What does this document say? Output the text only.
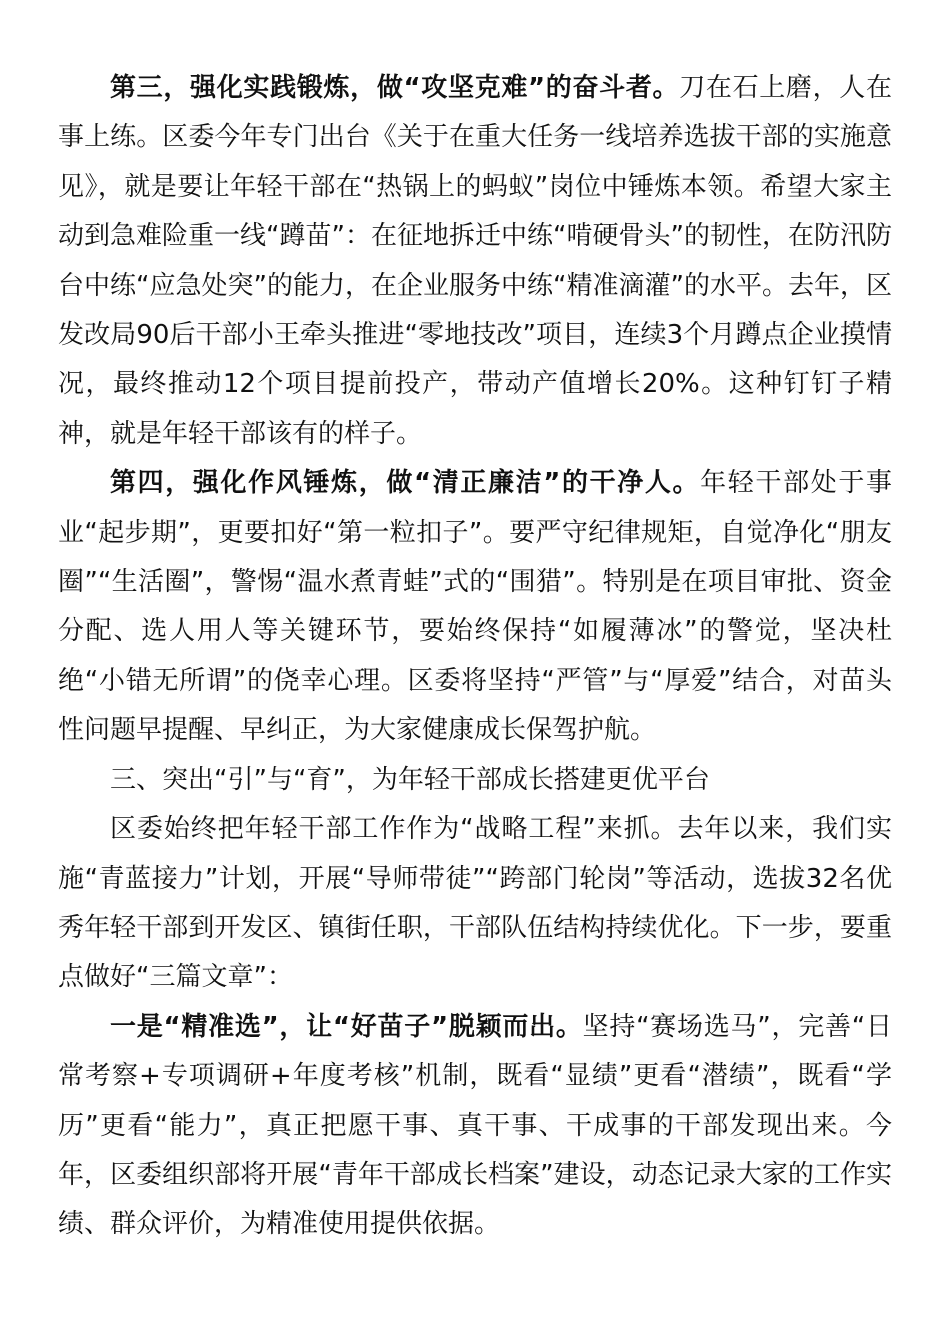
第三，强化实践锻炼，做“攻坚克难”的奋斗者。刀在石上磨，人在事上练。区委今年专门出台《关于在重大任务一线培养选拔干部的实施意见》，就是要让年轻干部在“热锅上的蚂蚁”岗位中锤炼本领。希望大家主动到急难险重一线“蹲苗”：在征地拆迁中练“啃硬骨头”的韧性，在防汛防台中练“应急处突”的能力，在企业服务中练“精准滴灌”的水平。去年，区发改局90后干部小王牵头推进“零地技改”项目，连续3个月蹲点企业摸情况，最终推动12个项目提前投产，带动产值增长20%。这种钉钉子精神，就是年轻干部该有的样子。

第四，强化作风锤炼，做“清正廉洁”的干净人。年轻干部处于事业“起步期”，更要扣好“第一粒扣子”。要严守纪律规矩，自觉净化“朋友圈”“生活圈”，警惕“温水煮青蛙”式的“围猎”。特别是在项目审批、资金分配、选人用人等关键环节，要始终保持“如履薄冰”的警觉，坚决杜绝“小错无所谓”的侥幸心理。区委将坚持“严管”与“厚爱”结合，对苗头性问题早提醒、早纠正，为大家健康成长保驾护航。

三、突出“引”与“育”，为年轻干部成长搭建更优平台

区委始终把年轻干部工作作为“战略工程”来抓。去年以来，我们实施“青蓝接力”计划，开展“导师带徒”“跨部门轮岗”等活动，选拔32名优秀年轻干部到开发区、镇街任职，干部队伍结构持续优化。下一步，要重点做好“三篇文章”：

一是“精准选”，让“好苗子”脱颖而出。坚持“赛场选马”，完善“日常考察+专项调研+年度考核”机制，既看“显绩”更看“潜绩”，既看“学历”更看“能力”，真正把愿干事、真干事、干成事的干部发现出来。今年，区委组织部将开展“青年干部成长档案”建设，动态记录大家的工作实绩、群众评价，为精准使用提供依据。
